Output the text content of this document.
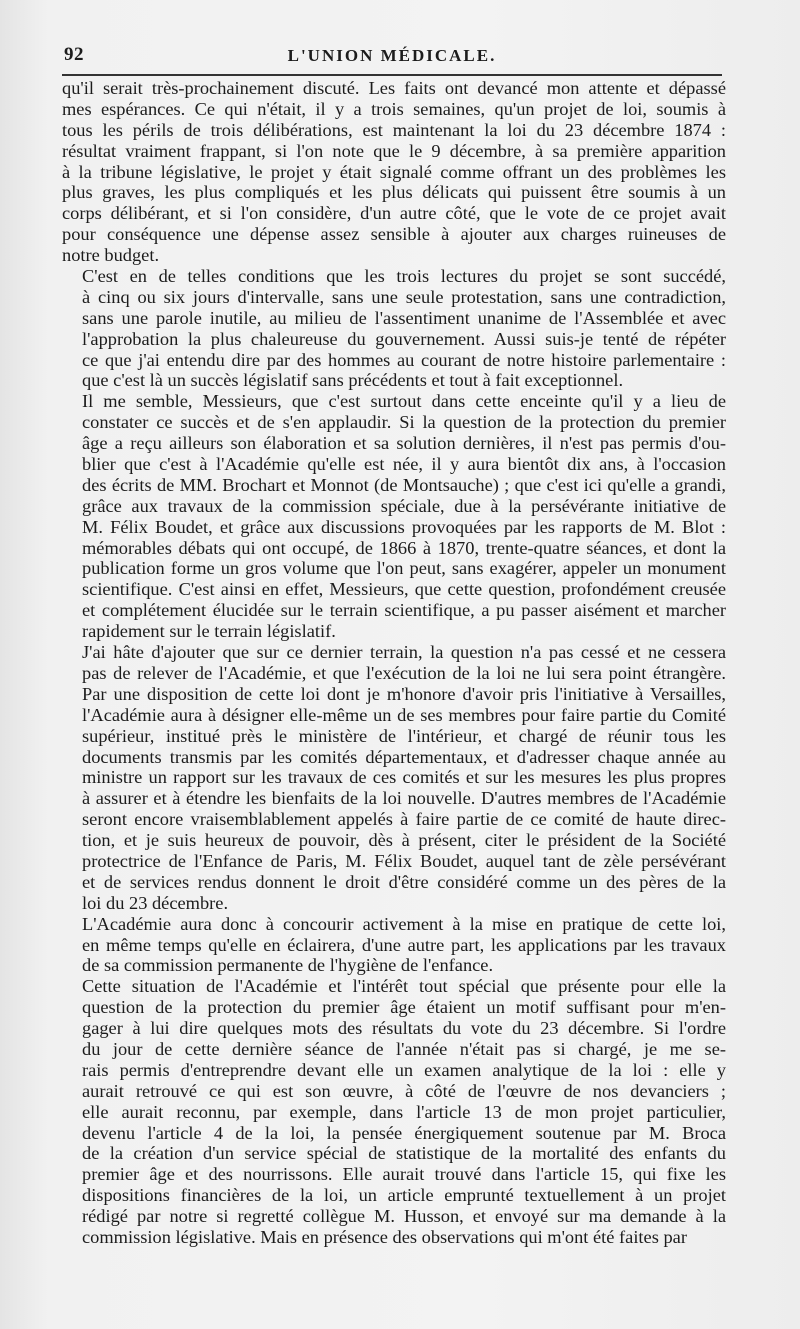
92	L'UNION MÉDICALE.

qu'il serait très-prochainement discuté. Les faits ont devancé mon attente et dépassé
mes espérances. Ce qui n'était, il y a trois semaines, qu'un projet de loi, soumis à
tous les périls de trois délibérations, est maintenant la loi du 23 décembre 1874 :
résultat vraiment frappant, si l'on note que le 9 décembre, à sa première apparition
à la tribune législative, le projet y était signalé comme offrant un des problèmes les
plus graves, les plus compliqués et les plus délicats qui puissent être soumis à un
corps délibérant, et si l'on considère, d'un autre côté, que le vote de ce projet avait
pour conséquence une dépense assez sensible à ajouter aux charges ruineuses de
notre budget.

C'est en de telles conditions que les trois lectures du projet se sont succédé,
à cinq ou six jours d'intervalle, sans une seule protestation, sans une contradiction,
sans une parole inutile, au milieu de l'assentiment unanime de l'Assemblée et avec
l'approbation la plus chaleureuse du gouvernement. Aussi suis-je tenté de répéter
ce que j'ai entendu dire par des hommes au courant de notre histoire parlementaire :
que c'est là un succès législatif sans précédents et tout à fait exceptionnel.

Il me semble, Messieurs, que c'est surtout dans cette enceinte qu'il y a lieu de
constater ce succès et de s'en applaudir. Si la question de la protection du premier
âge a reçu ailleurs son élaboration et sa solution dernières, il n'est pas permis d'ou-
blier que c'est à l'Académie qu'elle est née, il y aura bientôt dix ans, à l'occasion
des écrits de MM. Brochart et Monnot (de Montsauche) ; que c'est ici qu'elle a grandi,
grâce aux travaux de la commission spéciale, due à la persévérante initiative de
M. Félix Boudet, et grâce aux discussions provoquées par les rapports de M. Blot :
mémorables débats qui ont occupé, de 1866 à 1870, trente-quatre séances, et dont la
publication forme un gros volume que l'on peut, sans exagérer, appeler un monument
scientifique. C'est ainsi en effet, Messieurs, que cette question, profondément creusée
et complétement élucidée sur le terrain scientifique, a pu passer aisément et marcher
rapidement sur le terrain législatif.

J'ai hâte d'ajouter que sur ce dernier terrain, la question n'a pas cessé et ne cessera
pas de relever de l'Académie, et que l'exécution de la loi ne lui sera point étrangère.
Par une disposition de cette loi dont je m'honore d'avoir pris l'initiative à Versailles,
l'Académie aura à désigner elle-même un de ses membres pour faire partie du Comité
supérieur, institué près le ministère de l'intérieur, et chargé de réunir tous les
documents transmis par les comités départementaux, et d'adresser chaque année au
ministre un rapport sur les travaux de ces comités et sur les mesures les plus propres
à assurer et à étendre les bienfaits de la loi nouvelle. D'autres membres de l'Académie
seront encore vraisemblablement appelés à faire partie de ce comité de haute direc-
tion, et je suis heureux de pouvoir, dès à présent, citer le président de la Société
protectrice de l'Enfance de Paris, M. Félix Boudet, auquel tant de zèle persévérant
et de services rendus donnent le droit d'être considéré comme un des pères de la
loi du 23 décembre.

L'Académie aura donc à concourir activement à la mise en pratique de cette loi,
en même temps qu'elle en éclairera, d'une autre part, les applications par les travaux
de sa commission permanente de l'hygiène de l'enfance.

Cette situation de l'Académie et l'intérêt tout spécial que présente pour elle la
question de la protection du premier âge étaient un motif suffisant pour m'en-
gager à lui dire quelques mots des résultats du vote du 23 décembre. Si l'ordre
du jour de cette dernière séance de l'année n'était pas si chargé, je me se-
rais permis d'entreprendre devant elle un examen analytique de la loi : elle y
aurait retrouvé ce qui est son œuvre, à côté de l'œuvre de nos devanciers ;
elle aurait reconnu, par exemple, dans l'article 13 de mon projet particulier,
devenu l'article 4 de la loi, la pensée énergiquement soutenue par M. Broca
de la création d'un service spécial de statistique de la mortalité des enfants du
premier âge et des nourrissons. Elle aurait trouvé dans l'article 15, qui fixe les
dispositions financières de la loi, un article emprunté textuellement à un projet
rédigé par notre si regretté collègue M. Husson, et envoyé sur ma demande à la
commission législative. Mais en présence des observations qui m'ont été faites par
